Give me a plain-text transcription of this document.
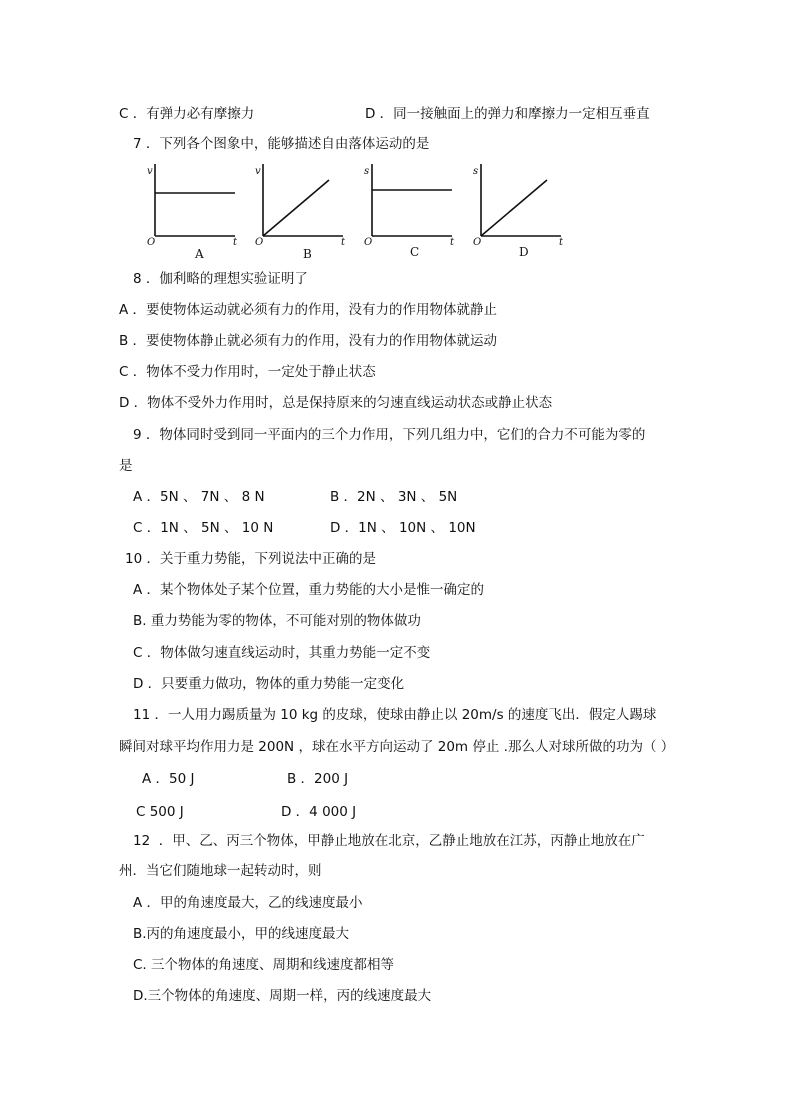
C ．有弹力必有摩擦力	D ．同一接触面上的弹力和摩擦力一定相互垂直
7 ．下列各个图象中，能够描述自由落体运动的是
v
t
O
A
v
t
O
B
s
t
O
C
s
t
O
D
8 ．伽利略的理想实验证明了
A ．要使物体运动就必须有力的作用，没有力的作用物体就静止
B ．要使物体静止就必须有力的作用，没有力的作用物体就运动
C ．物体不受力作用时，一定处于静止状态
D ．物体不受外力作用时，总是保持原来的匀速直线运动状态或静止状态
9 ．物体同时受到同一平面内的三个力作用，下列几组力中，它们的合力不可能为零的
是
A ．5N 、 7N 、 8 N	B ．2N 、 3N 、 5N
C ．1N 、 5N 、 10 N	D ．1N 、 10N 、 10N
10 ．关于重力势能，下列说法中正确的是
A ．某个物体处子某个位置，重力势能的大小是惟一确定的
B. 重力势能为零的物体，不可能对别的物体做功
C ．物体做匀速直线运动时，其重力势能一定不变
D ．只要重力做功，物体的重力势能一定变化
11 ．一人用力踢质量为 10 kg 的皮球，使球由静止以 20m/s 的速度飞出．假定人踢球
瞬间对球平均作用力是 200N ，球在水平方向运动了 20m 停止 .那么人对球所做的功为（ ）
A ．50 J	B ．200 J
C 500 J	D ．4 000 J
12  ．甲、乙、丙三个物体，甲静止地放在北京，乙静止地放在江苏，丙静止地放在广
州．当它们随地球一起转动时，则
A ．甲的角速度最大，乙的线速度最小
B.丙的角速度最小，甲的线速度最大
C. 三个物体的角速度、周期和线速度都相等
D.三个物体的角速度、周期一样，丙的线速度最大
